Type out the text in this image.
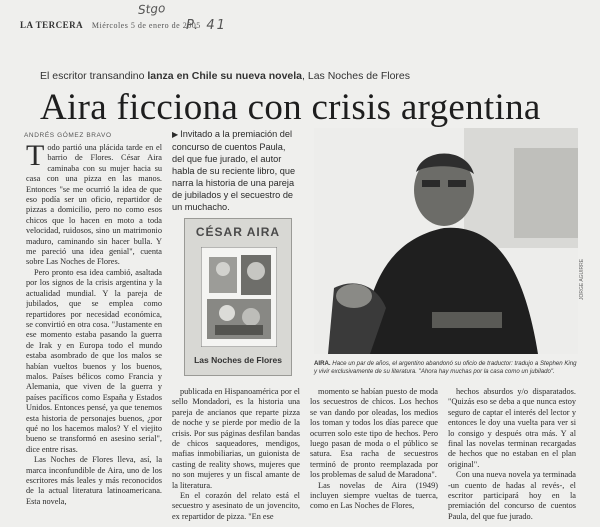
LA TERCERA Miércoles 5 de enero de 2005
Stgo
P. 41
El escritor transandino lanza en Chile su nueva novela, Las Noches de Flores
Aira ficciona con crisis argentina
ANDRÉS GÓMEZ BRAVO

Todo partió una plácida tarde en el barrio de Flores. César Aira caminaba con su mujer hacia su casa con una pizza en las manos. Entonces "se me ocurrió la idea de que eso podía ser un oficio, repartidor de pizzas a domicilio, pero no como esos chicos que lo hacen en moto a toda velocidad, ruidosos, sino un matrimonio maduro, caminando sin hacer bulla. Y me pareció una idea genial", cuenta sobre Las Noches de Flores.

Pero pronto esa idea cambió, asaltada por los signos de la crisis argentina y la actualidad mundial. Y la pareja de jubilados, que se emplea como repartidores por necesidad económica, se convirtió en otra cosa. "Justamente en ese momento estaba pasando la guerra de Irak y en Europa todo el mundo estaba asombrado de que los malos se habían vueltos buenos y los buenos, malos. Países bélicos como Francia y Alemania, que viven de la guerra y países pacíficos como España y Estados Unidos. Entonces pensé, ya que tenemos esta historia de personajes buenos, ¿por qué no los hacemos malos? Y el viejito bueno se transformó en asesino serial", dice entre risas.

Las Noches de Flores lleva, así, la marca inconfundible de Aira, uno de los escritores más leales y más reconocidos de la actual literatura latinoamericana. Esta novela,

▶ Invitado a la premiación del concurso de cuentos Paula, del que fue jurado, el autor habla de su reciente libro, que narra la historia de una pareja de jubilados y el secuestro de un muchacho.
CÉSAR AIRA
Las Noches de Flores
JORGE AGUIRRE
AIRA. Hace un par de años, el argentino abandonó su oficio de traductor: tradujo a Stephen King y vivir exclusivamente de su literatura. "Ahora hay muchas por la casa como un jubilado".

publicada en Hispanoamérica por el sello Mondadori, es la historia una pareja de ancianos que reparte pizza de noche y se pierde por medio de la crisis. Por sus páginas desfilan bandas de chicos saqueadores, mendigos, mafias inmobiliarias, un guionista de casting de reality shows, mujeres que no son mujeres y un fiscal amante de la literatura.

En el corazón del relato está el secuestro y asesinato de un jovencito, ex repartidor de pizza. "En ese

momento se habían puesto de moda los secuestros de chicos. Los hechos se van dando por oleadas, los medios los toman y todos los días parece que ocurren solo este tipo de hechos. Pero luego pasan de moda o el público se satura. Esa racha de secuestros terminó de pronto reemplazada por los problemas de salud de Maradona".

Las novelas de Aira (1949) incluyen siempre vueltas de tuerca, como en Las Noches de Flores,

hechos absurdos y/o disparatados. "Quizás eso se deba a que nunca estoy seguro de captar el interés del lector y entonces le doy una vuelta para ver si lo consigo y después otra más. Y al final las novelas terminan recargadas de hechos que no estaban en el plan original".

Con una nueva novela ya terminada -un cuento de hadas al revés-, el escritor participará hoy en la premiación del concurso de cuentos Paula, del que fue jurado.
